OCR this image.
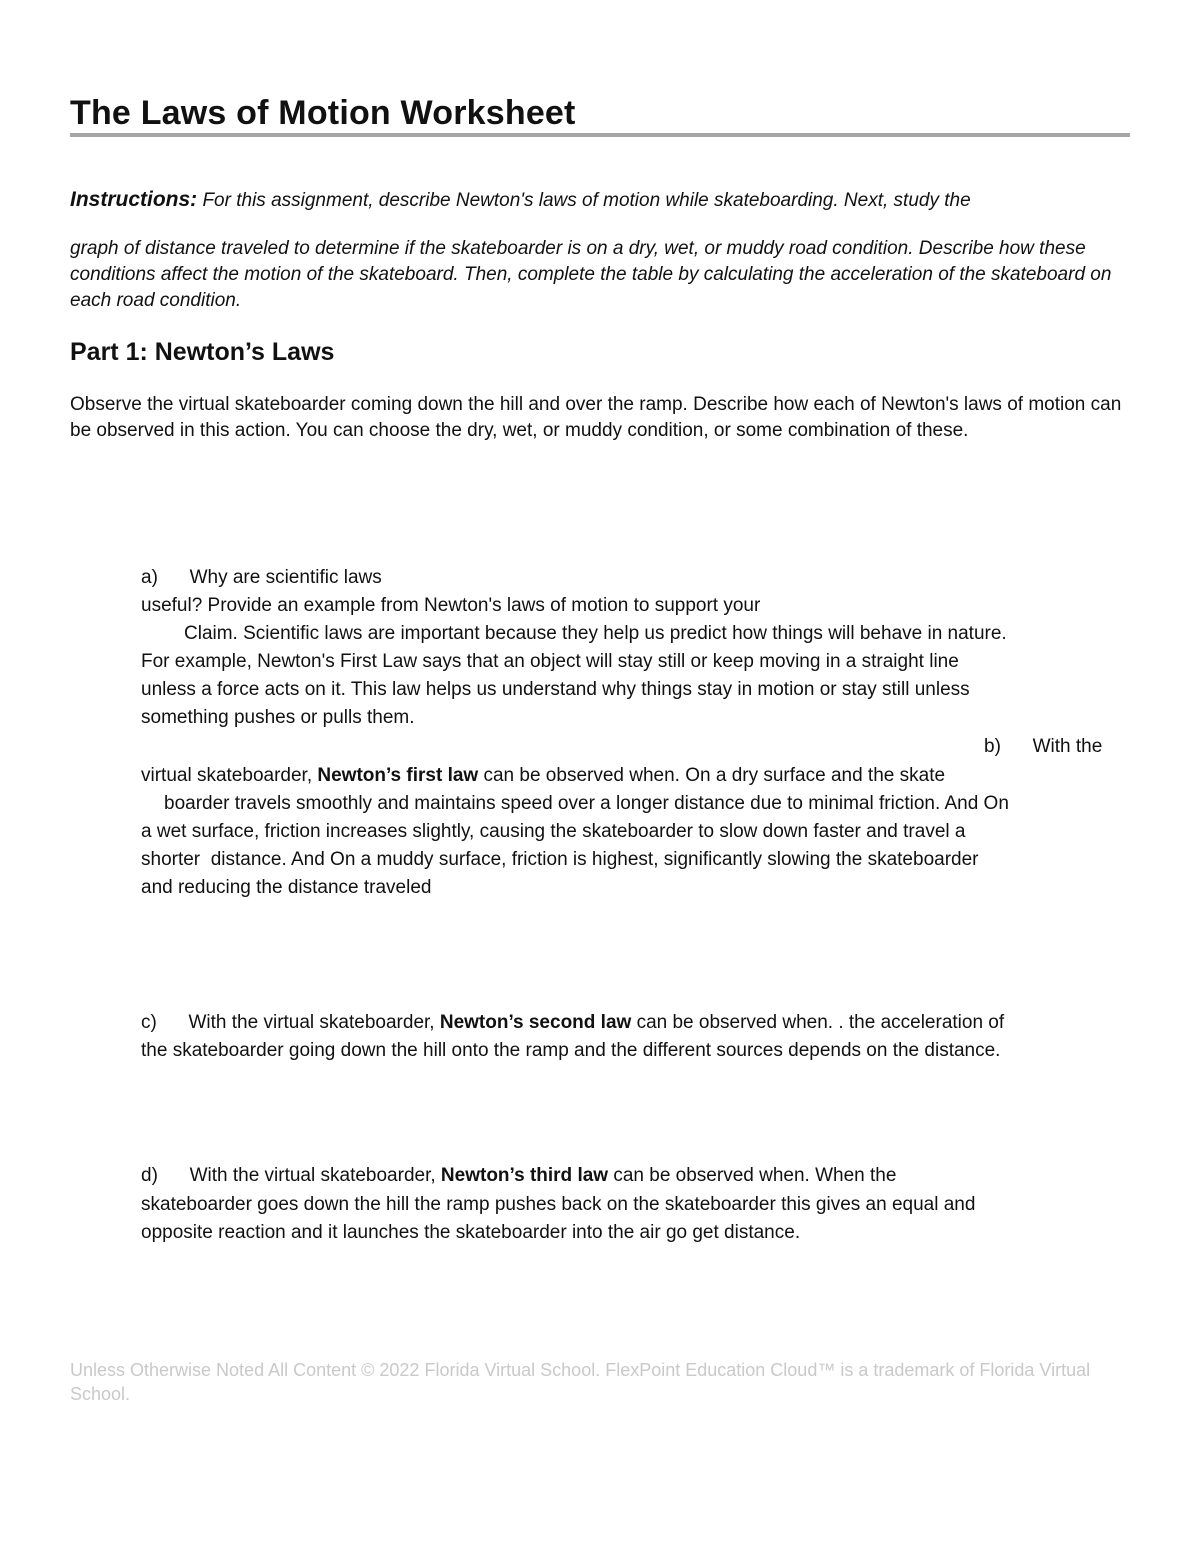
The Laws of Motion Worksheet

Instructions: For this assignment, describe Newton's laws of motion while skateboarding. Next, study the

graph of distance traveled to determine if the skateboarder is on a dry, wet, or muddy road condition. Describe how these conditions affect the motion of the skateboard. Then, complete the table by calculating the acceleration of the skateboard on each road condition.

Part 1: Newton’s Laws

Observe the virtual skateboarder coming down the hill and over the ramp. Describe how each of Newton's laws of motion can be observed in this action. You can choose the dry, wet, or muddy condition, or some combination of these.

a)      Why are scientific laws
useful? Provide an example from Newton's laws of motion to support your
Claim. Scientific laws are important because they help us predict how things will behave in nature.
For example, Newton's First Law says that an object will stay still or keep moving in a straight line
unless a force acts on it. This law helps us understand why things stay in motion or stay still unless
something pushes or pulls them.
b)      With the
virtual skateboarder, Newton’s first law can be observed when. On a dry surface and the skate
boarder travels smoothly and maintains speed over a longer distance due to minimal friction. And On
a wet surface, friction increases slightly, causing the skateboarder to slow down faster and travel a
shorter  distance. And On a muddy surface, friction is highest, significantly slowing the skateboarder
and reducing the distance traveled
c)      With the virtual skateboarder, Newton’s second law can be observed when. . the acceleration of
the skateboarder going down the hill onto the ramp and the different sources depends on the distance.
d)      With the virtual skateboarder, Newton’s third law can be observed when. When the
skateboarder goes down the hill the ramp pushes back on the skateboarder this gives an equal and
opposite reaction and it launches the skateboarder into the air go get distance.

Unless Otherwise Noted All Content © 2022 Florida Virtual School. FlexPoint Education Cloud™ is a trademark of Florida Virtual School.
